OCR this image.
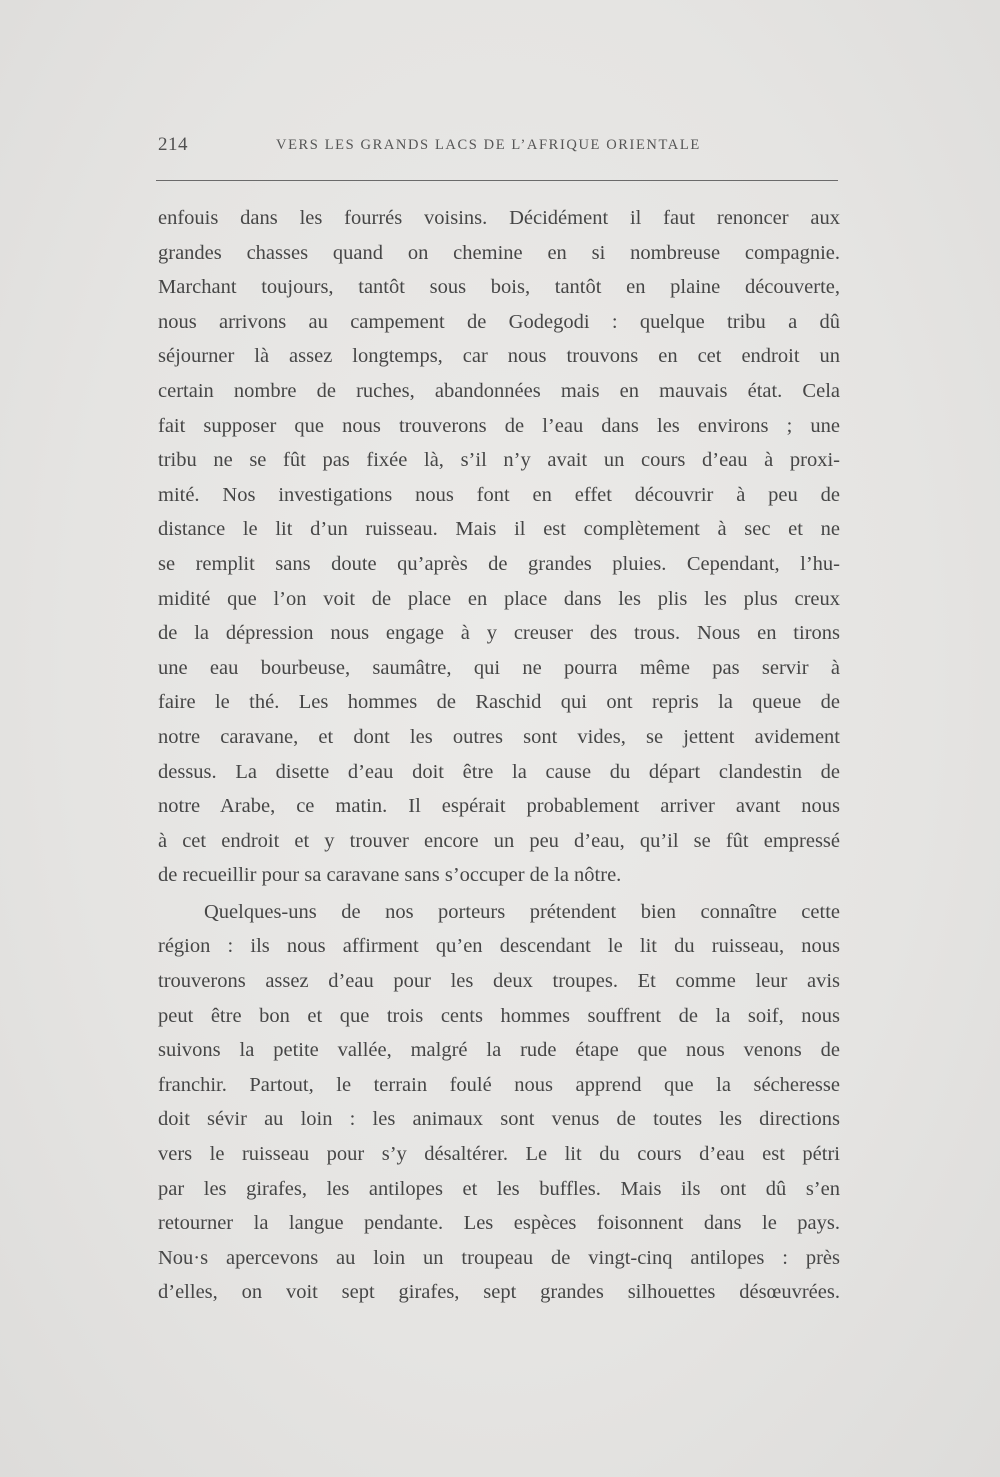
214	VERS LES GRANDS LACS DE L’AFRIQUE ORIENTALE
enfouis dans les fourrés voisins. Décidément il faut renoncer aux
grandes chasses quand on chemine en si nombreuse compagnie.
Marchant toujours, tantôt sous bois, tantôt en plaine découverte,
nous arrivons au campement de Godegodi : quelque tribu a dû
séjourner là assez longtemps, car nous trouvons en cet endroit un
certain nombre de ruches, abandonnées mais en mauvais état. Cela
fait supposer que nous trouverons de l’eau dans les environs ; une
tribu ne se fût pas fixée là, s’il n’y avait un cours d’eau à proxi-
mité. Nos investigations nous font en effet découvrir à peu de
distance le lit d’un ruisseau. Mais il est complètement à sec et ne
se remplit sans doute qu’après de grandes pluies. Cependant, l’hu-
midité que l’on voit de place en place dans les plis les plus creux
de la dépression nous engage à y creuser des trous. Nous en tirons
une eau bourbeuse, saumâtre, qui ne pourra même pas servir à
faire le thé. Les hommes de Raschid qui ont repris la queue de
notre caravane, et dont les outres sont vides, se jettent avidement
dessus. La disette d’eau doit être la cause du départ clandestin de
notre Arabe, ce matin. Il espérait probablement arriver avant nous
à cet endroit et y trouver encore un peu d’eau, qu’il se fût empressé
de recueillir pour sa caravane sans s’occuper de la nôtre.
Quelques-uns de nos porteurs prétendent bien connaître cette
région : ils nous affirment qu’en descendant le lit du ruisseau, nous
trouverons assez d’eau pour les deux troupes. Et comme leur avis
peut être bon et que trois cents hommes souffrent de la soif, nous
suivons la petite vallée, malgré la rude étape que nous venons de
franchir. Partout, le terrain foulé nous apprend que la sécheresse
doit sévir au loin : les animaux sont venus de toutes les directions
vers le ruisseau pour s’y désaltérer. Le lit du cours d’eau est pétri
par les girafes, les antilopes et les buffles. Mais ils ont dû s’en
retourner la langue pendante. Les espèces foisonnent dans le pays.
Nou·s apercevons au loin un troupeau de vingt-cinq antilopes : près
d’elles, on voit sept girafes, sept grandes silhouettes désœuvrées.
